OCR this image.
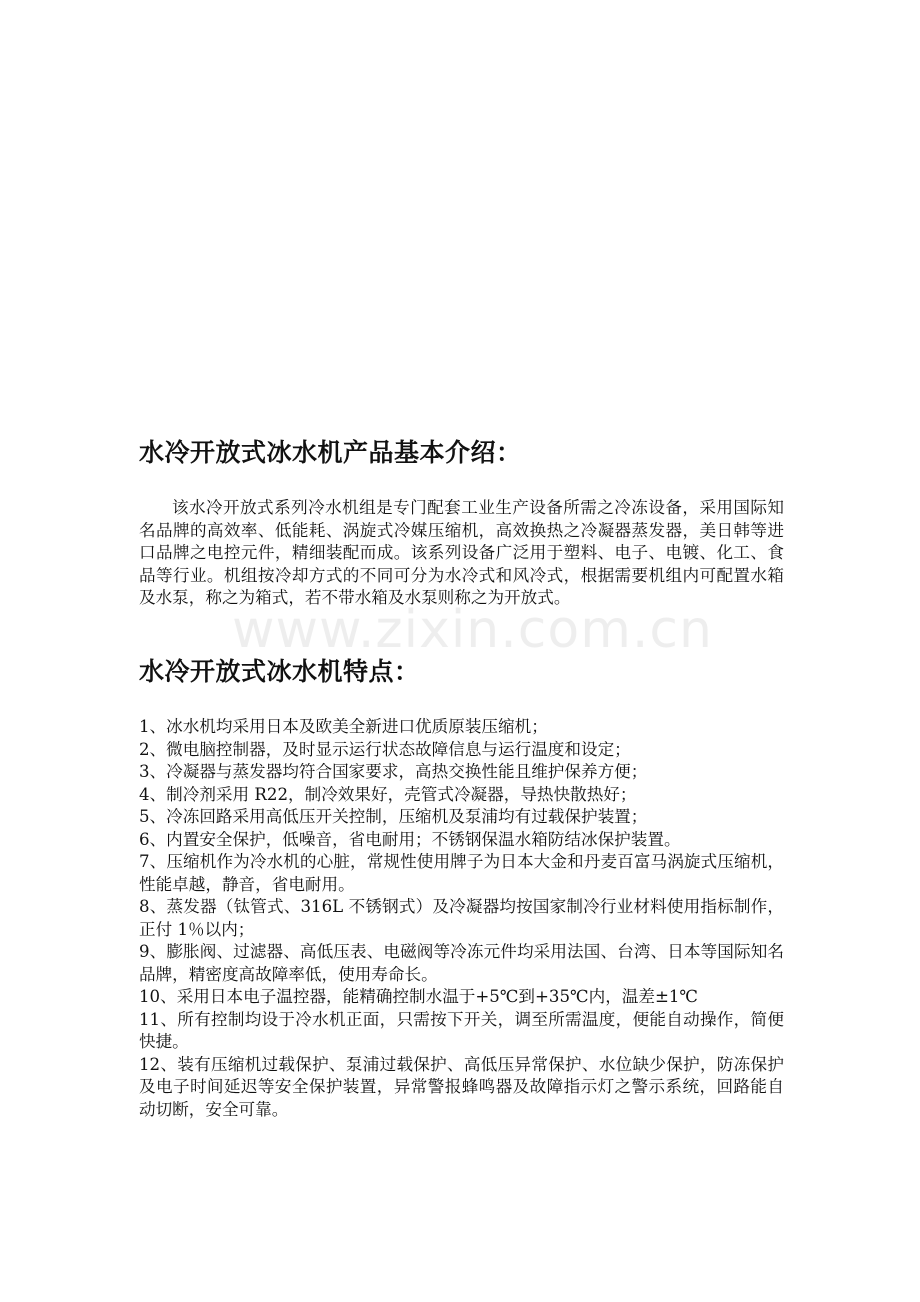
水冷开放式冰水机产品基本介绍：

该水冷开放式系列冷水机组是专门配套工业生产设备所需之冷冻设备，采用国际知名品牌的高效率、低能耗、涡旋式冷媒压缩机，高效换热之冷凝器蒸发器，美日韩等进口品牌之电控元件，精细装配而成。该系列设备广泛用于塑料、电子、电镀、化工、食品等行业。机组按冷却方式的不同可分为水冷式和风冷式，根据需要机组内可配置水箱及水泵，称之为箱式，若不带水箱及水泵则称之为开放式。

www.zixin.com.cn
水冷开放式冰水机特点：
1、冰水机均采用日本及欧美全新进口优质原装压缩机；
2、微电脑控制器，及时显示运行状态故障信息与运行温度和设定；
3、冷凝器与蒸发器均符合国家要求，高热交换性能且维护保养方便；
4、制冷剂采用 R22，制冷效果好，壳管式冷凝器，导热快散热好；
5、冷冻回路采用高低压开关控制，压缩机及泵浦均有过载保护装置；
6、内置安全保护，低噪音，省电耐用；不锈钢保温水箱防结冰保护装置。
7、压缩机作为冷水机的心脏，常规性使用牌子为日本大金和丹麦百富马涡旋式压缩机，性能卓越，静音，省电耐用。
8、蒸发器（钛管式、316L 不锈钢式）及冷凝器均按国家制冷行业材料使用指标制作，正付 1％以内；
9、膨胀阀、过滤器、高低压表、电磁阀等冷冻元件均采用法国、台湾、日本等国际知名品牌，精密度高故障率低，使用寿命长。
10、采用日本电子温控器，能精确控制水温于+5℃到+35℃内，温差±1℃
11、所有控制均设于冷水机正面，只需按下开关，调至所需温度，便能自动操作，简便快捷。
12、装有压缩机过载保护、泵浦过载保护、高低压异常保护、水位缺少保护，防冻保护及电子时间延迟等安全保护装置，异常警报蜂鸣器及故障指示灯之警示系统，回路能自动切断，安全可靠。
